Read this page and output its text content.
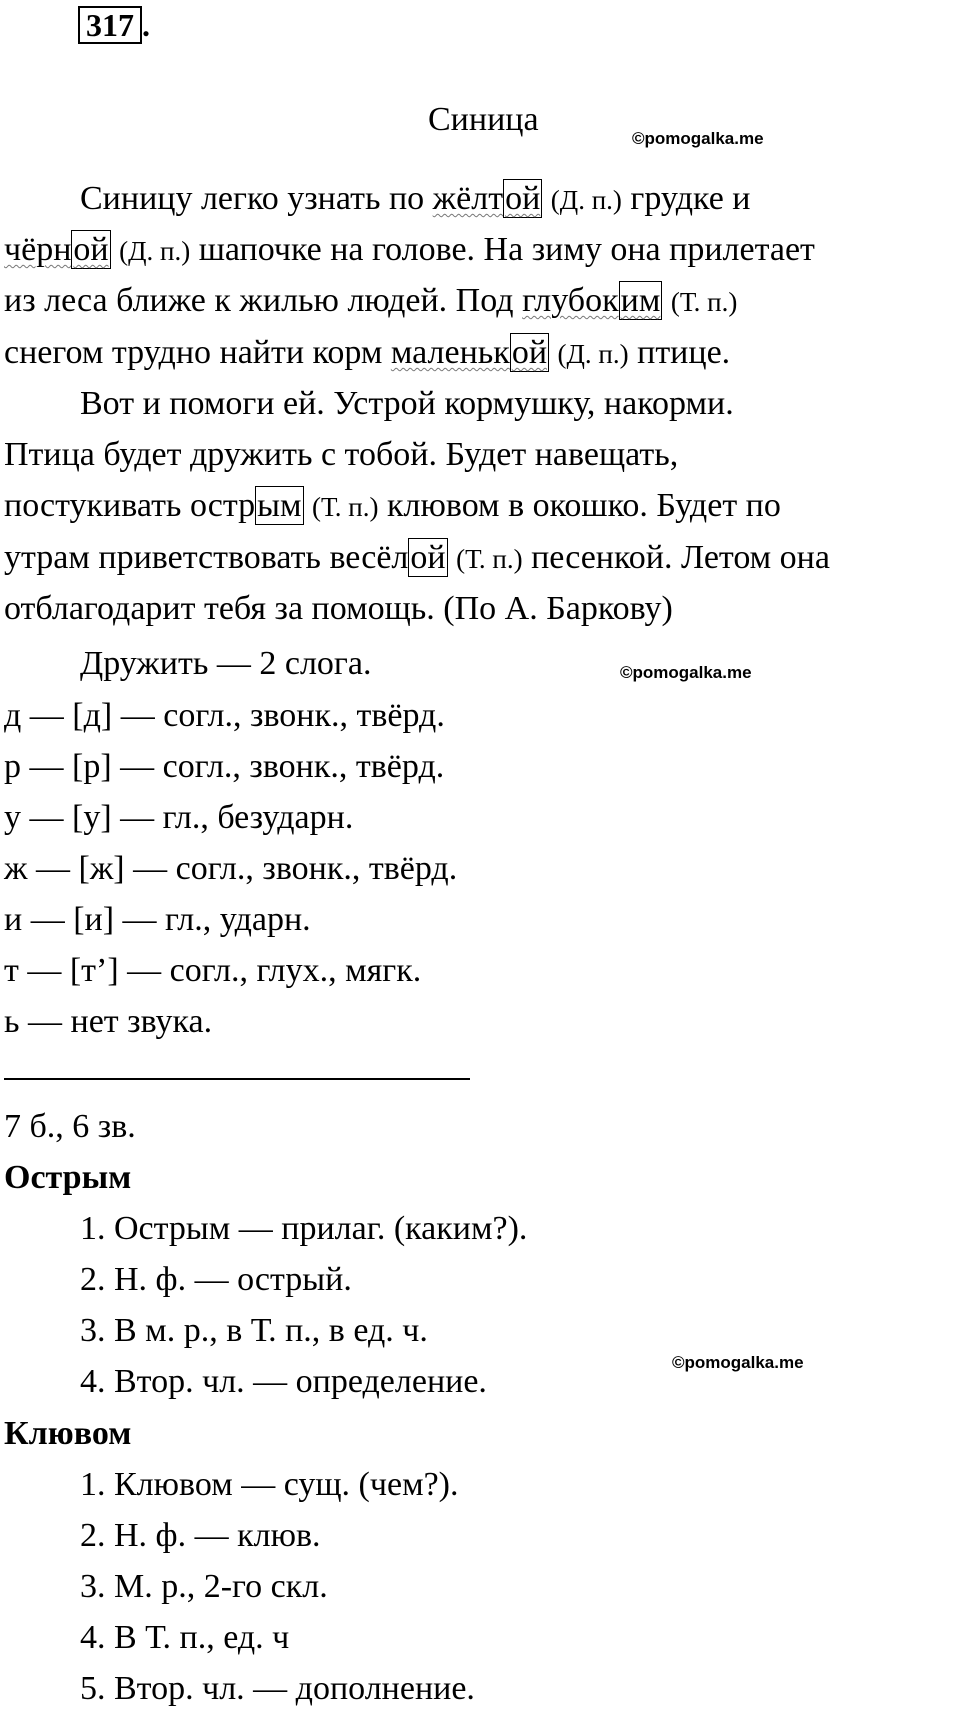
317 .
Синица
©pomogalka.me
Синицу легко узнать по жёлтой (Д. п.) грудке и
чёрной (Д. п.) шапочке на голове. На зиму она прилетает
из леса ближе к жилью людей. Под глубоким (Т. п.)
снегом трудно найти корм маленькой (Д. п.) птице.
Вот и помоги ей. Устрой кормушку, накорми.
Птица будет дружить с тобой. Будет навещать,
постукивать острым (Т. п.) клювом в окошко. Будет по
утрам приветствовать весёлой (Т. п.) песенкой. Летом она
отблагодарит тебя за помощь. (По А. Баркову)
Дружить — 2 слога.	©pomogalka.me
д — [д] — согл., звонк., твёрд.
р — [р] — согл., звонк., твёрд.
у — [у] — гл., безударн.
ж — [ж] — согл., звонк., твёрд.
и — [и] — гл., ударн.
т — [т’] — согл., глух., мягк.
ь — нет звука.
7 б., 6 зв.
Острым
1. Острым — прилаг. (каким?).
2. Н. ф. — острый.
3. В м. р., в Т. п., в ед. ч.
©pomogalka.me
4. Втор. чл. — определение.
Клювом
1. Клювом — сущ. (чем?).
2. Н. ф. — клюв.
3. М. р., 2-го скл.
4. В Т. п., ед. ч
5. Втор. чл. — дополнение.
